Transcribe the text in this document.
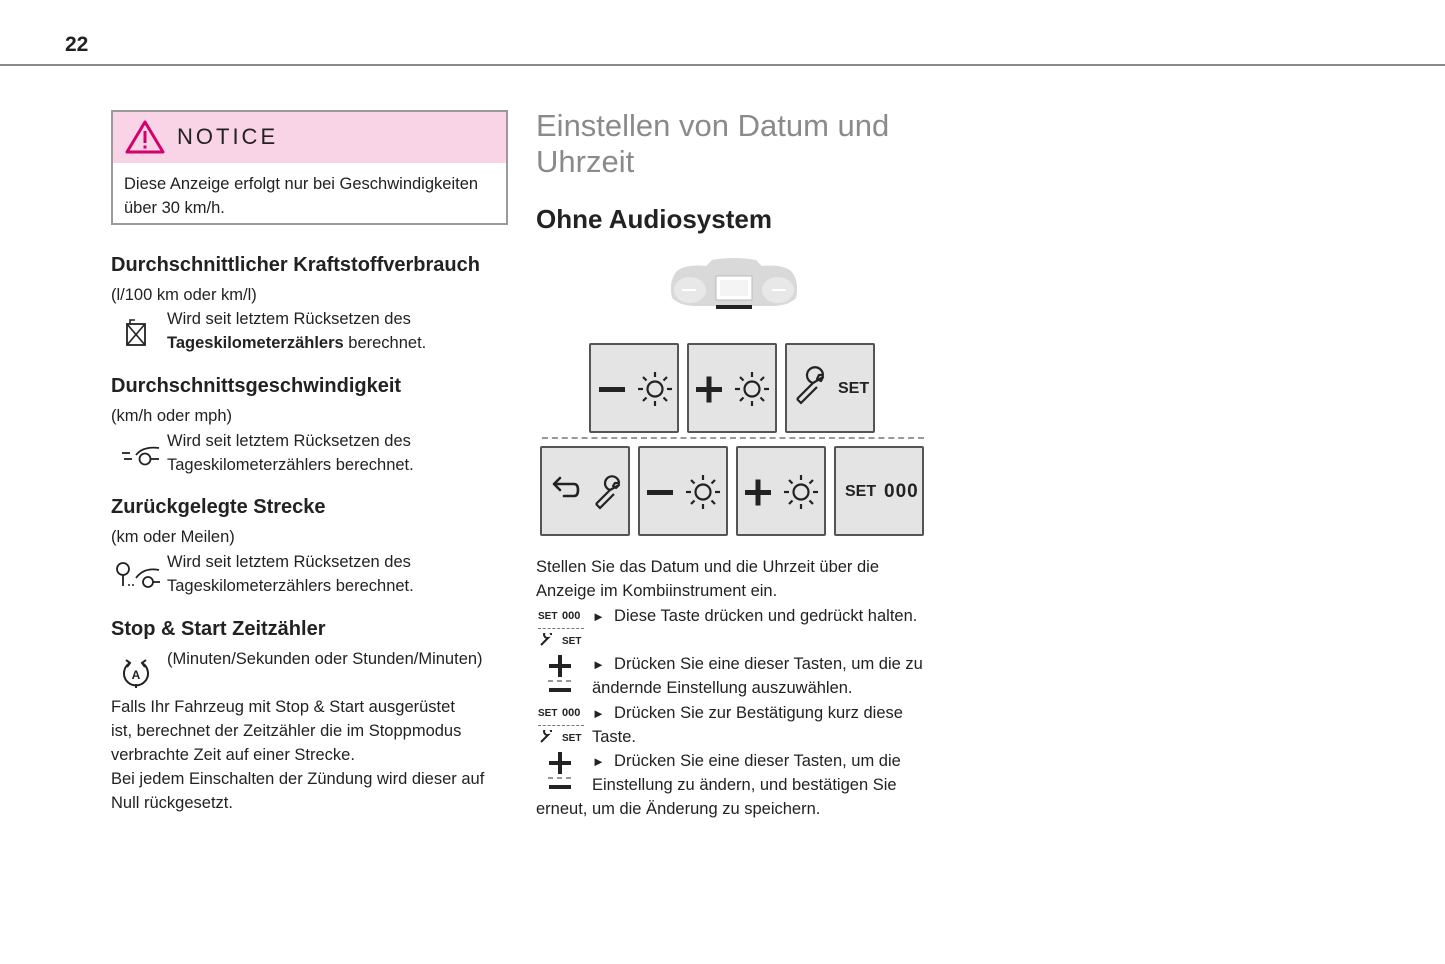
22
NOTICE
Diese Anzeige erfolgt nur bei Geschwindigkeiten über 30 km/h.
Durchschnittlicher Kraftstoffverbrauch
(l/100 km oder km/l)
Wird seit letztem Rücksetzen des
Tageskilometerzählers berechnet.
Durchschnittsgeschwindigkeit
(km/h oder mph)
Wird seit letztem Rücksetzen des
Tageskilometerzählers berechnet.
Zurückgelegte Strecke
(km oder Meilen)
Wird seit letztem Rücksetzen des
Tageskilometerzählers berechnet.
Stop & Start Zeitzähler
A
(Minuten/Sekunden oder Stunden/Minuten)
Falls Ihr Fahrzeug mit Stop & Start ausgerüstet
ist, berechnet der Zeitzähler die im Stoppmodus
verbrachte Zeit auf einer Strecke.
Bei jedem Einschalten der Zündung wird dieser auf
Null rückgesetzt.
Einstellen von Datum und Uhrzeit
Ohne Audiosystem
SET
SET 000
Stellen Sie das Datum und die Uhrzeit über die
Anzeige im Kombiinstrument ein.
SET 000
SET
► Diese Taste drücken und gedrückt halten.
► Drücken Sie eine dieser Tasten, um die zu
ändernde Einstellung auszuwählen.
SET 000
SET
► Drücken Sie zur Bestätigung kurz diese
Taste.
► Drücken Sie eine dieser Tasten, um die
Einstellung zu ändern, und bestätigen Sie
erneut, um die Änderung zu speichern.
